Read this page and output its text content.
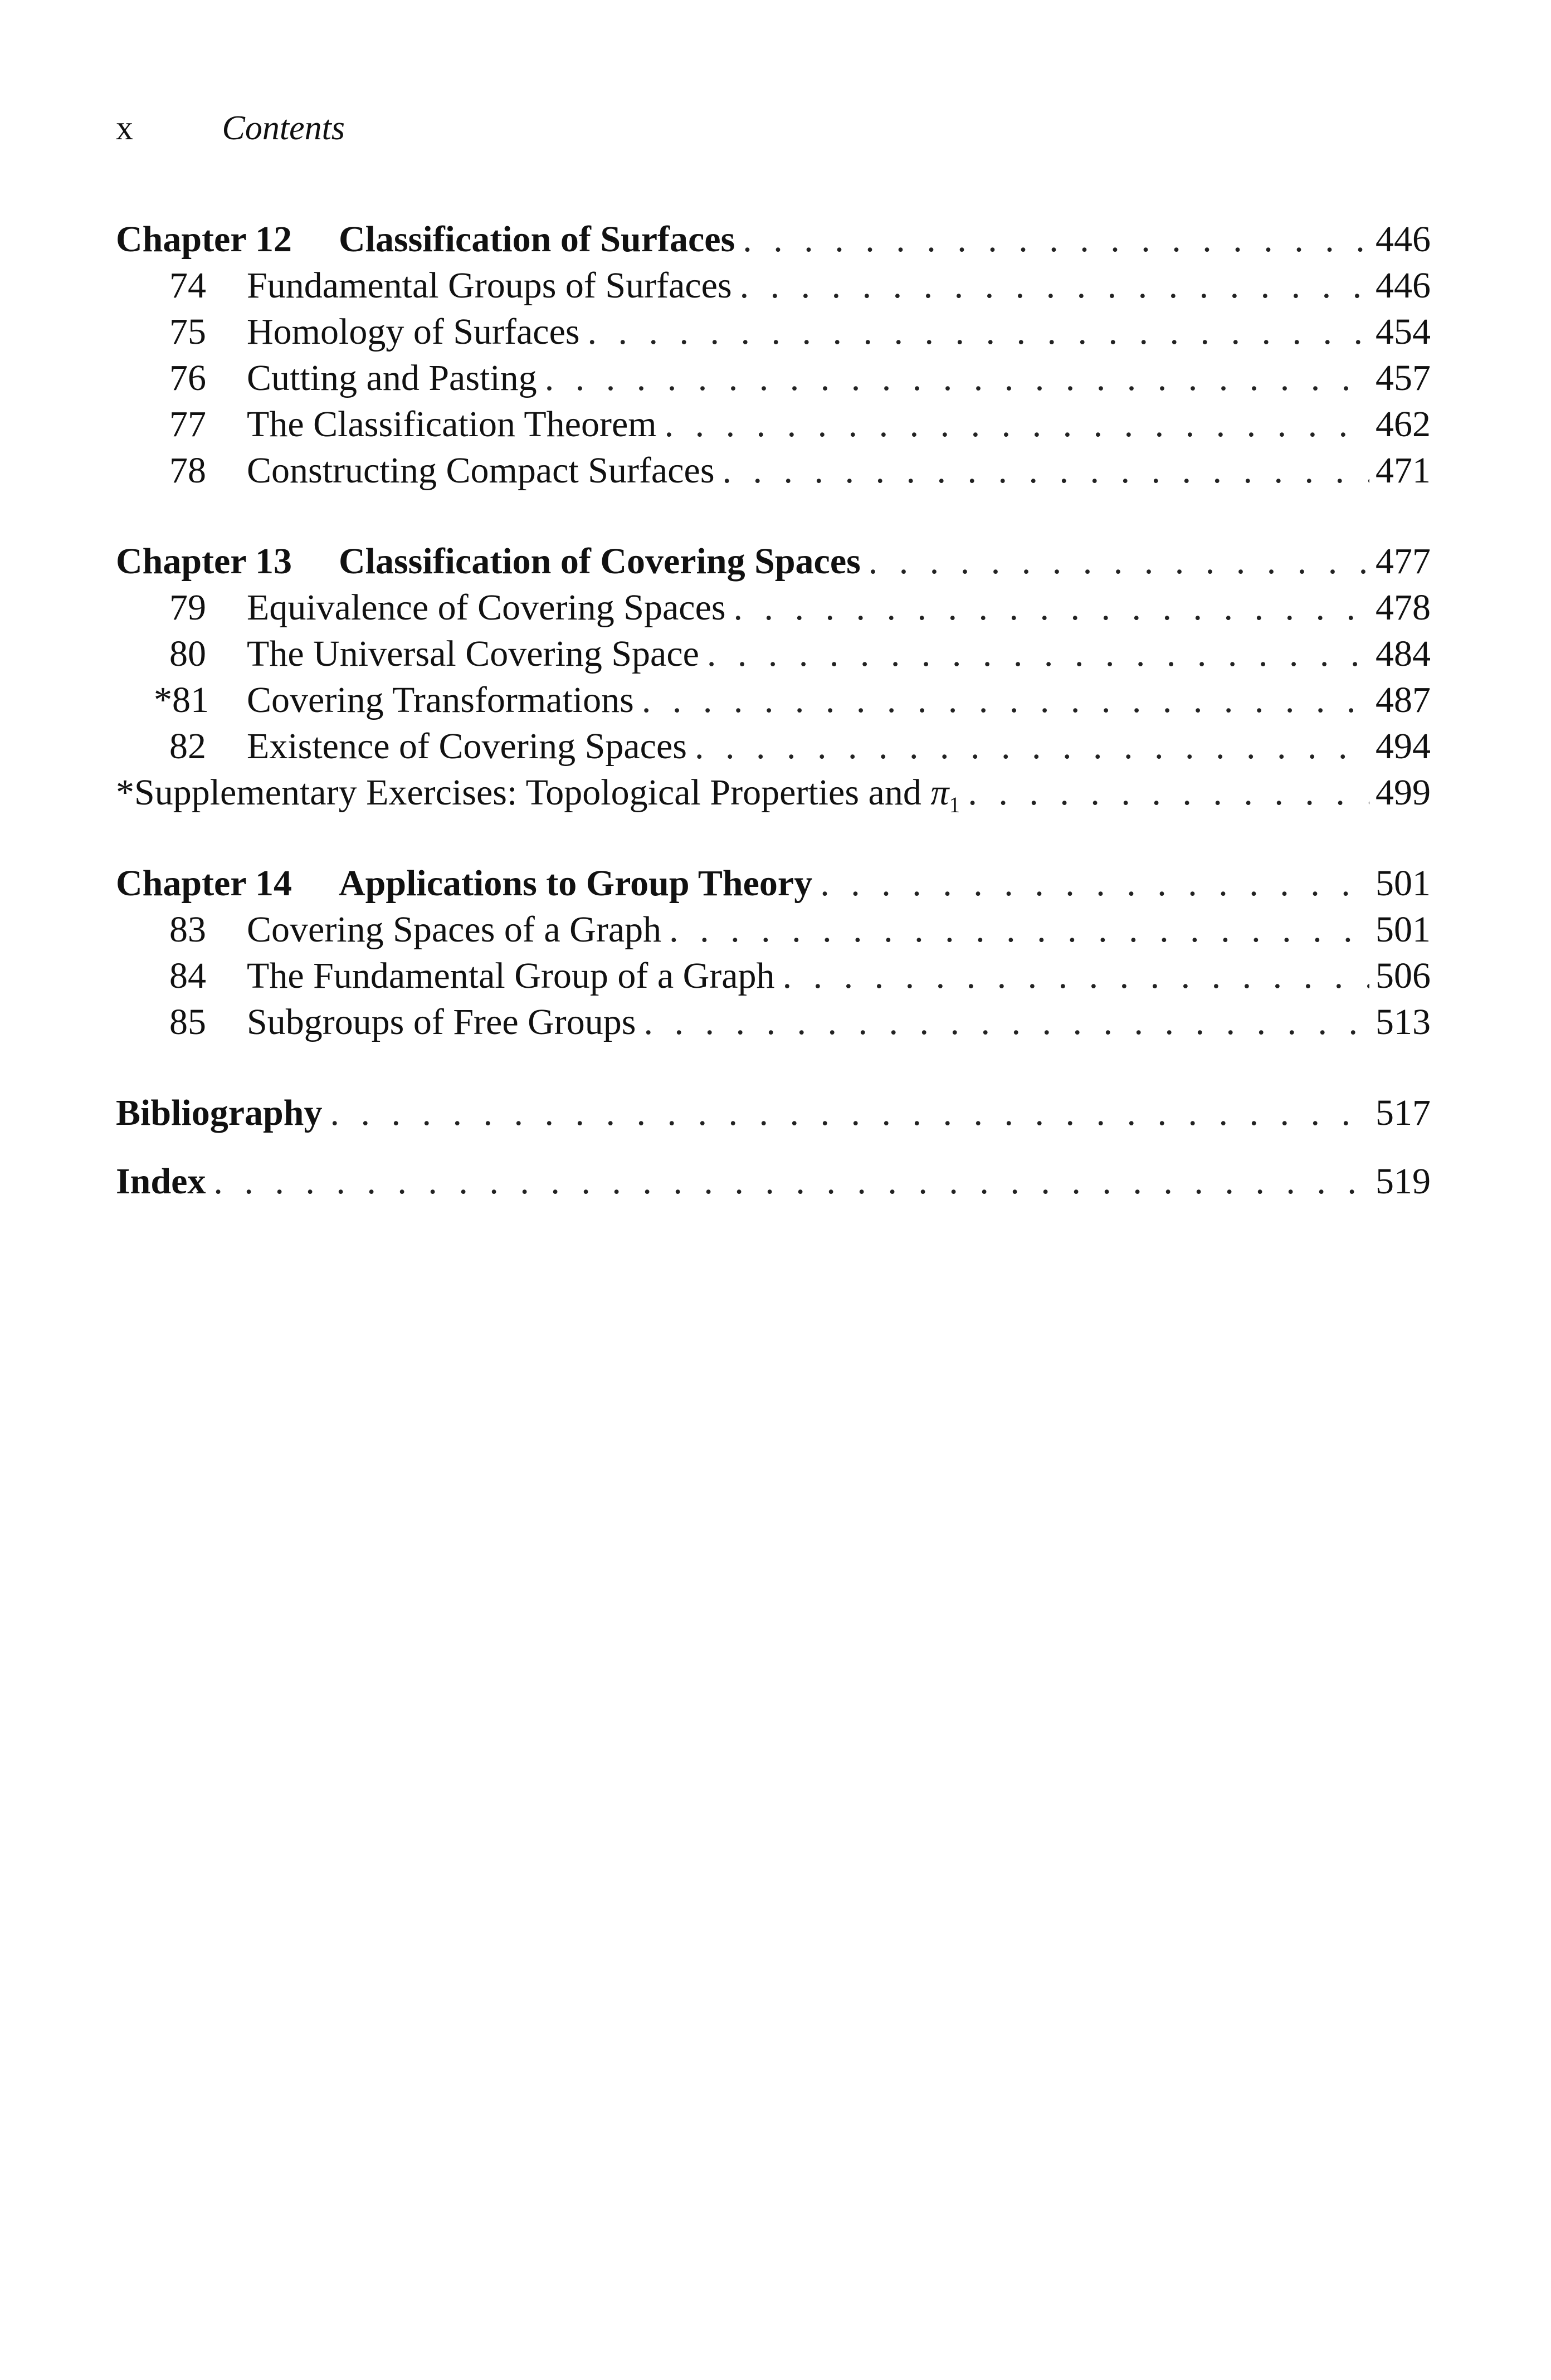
x	Contents
Chapter 12	Classification of Surfaces . . .	446
74	Fundamental Groups of Surfaces . . .	446
75	Homology of Surfaces . . .	454
76	Cutting and Pasting . . .	457
77	The Classification Theorem . . .	462
78	Constructing Compact Surfaces . . .	471
Chapter 13	Classification of Covering Spaces . . .	477
79	Equivalence of Covering Spaces . . .	478
80	The Universal Covering Space . . .	484
*81	Covering Transformations . . .	487
82	Existence of Covering Spaces . . .	494
*Supplementary Exercises: Topological Properties and $\pi_1$ . . .	499
Chapter 14	Applications to Group Theory . . .	501
83	Covering Spaces of a Graph . . .	501
84	The Fundamental Group of a Graph . . .	506
85	Subgroups of Free Groups . . .	513
Bibliography . . .	517
Index . . .	519
